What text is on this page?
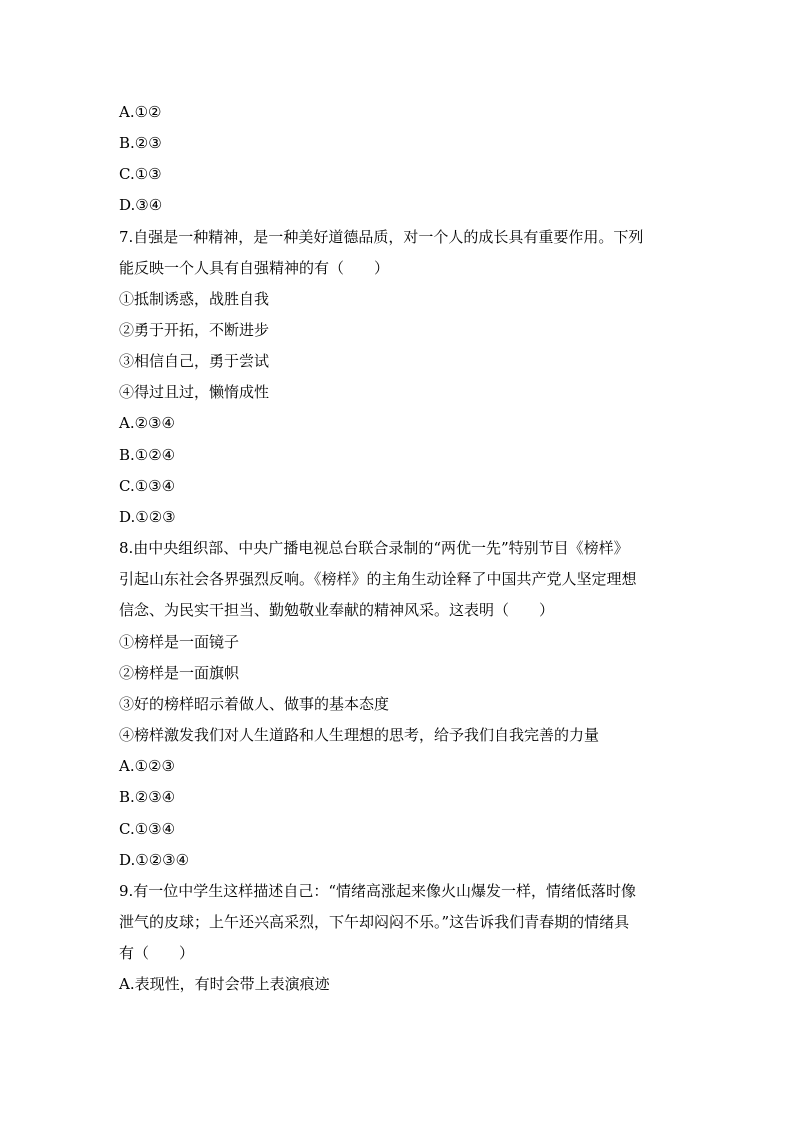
A.①②
B.②③
C.①③
D.③④
7.自强是一种精神，是一种美好道德品质，对一个人的成长具有重要作用。下列
能反映一个人具有自强精神的有（　　）
①抵制诱惑，战胜自我
②勇于开拓，不断进步
③相信自己，勇于尝试
④得过且过，懒惰成性
A.②③④
B.①②④
C.①③④
D.①②③
8.由中央组织部、中央广播电视总台联合录制的“两优一先”特别节目《榜样》
引起山东社会各界强烈反响。《榜样》的主角生动诠释了中国共产党人坚定理想
信念、为民实干担当、勤勉敬业奉献的精神风采。这表明（　　）
①榜样是一面镜子
②榜样是一面旗帜
③好的榜样昭示着做人、做事的基本态度
④榜样激发我们对人生道路和人生理想的思考，给予我们自我完善的力量
A.①②③
B.②③④
C.①③④
D.①②③④
9.有一位中学生这样描述自己：“情绪高涨起来像火山爆发一样，情绪低落时像
泄气的皮球；上午还兴高采烈，下午却闷闷不乐。”这告诉我们青春期的情绪具
有（　　）
A.表现性，有时会带上表演痕迹
